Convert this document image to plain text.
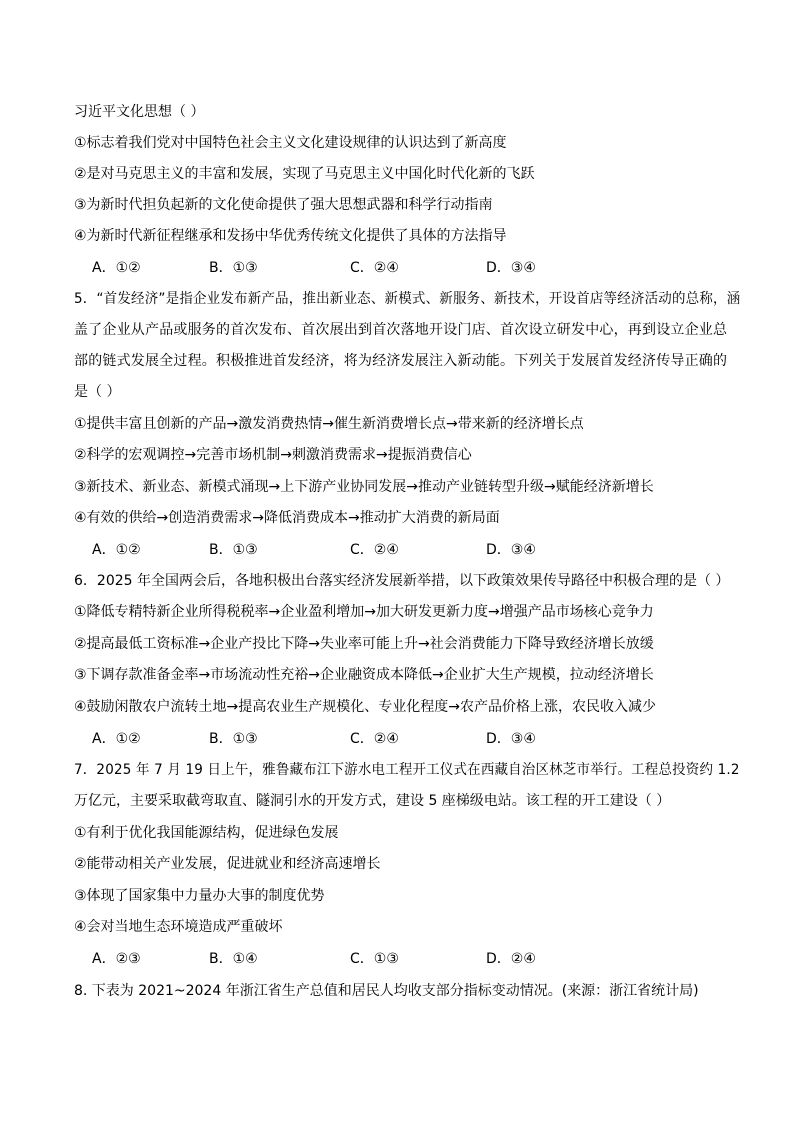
习近平文化思想（ ）
①标志着我们党对中国特色社会主义文化建设规律的认识达到了新高度
②是对马克思主义的丰富和发展，实现了马克思主义中国化时代化新的飞跃
③为新时代担负起新的文化使命提供了强大思想武器和科学行动指南
④为新时代新征程继承和发扬中华优秀传统文化提供了具体的方法指导
A．①②	B．①③	C．②④	D．③④
5．“首发经济”是指企业发布新产品，推出新业态、新模式、新服务、新技术，开设首店等经济活动的总称，涵
盖了企业从产品或服务的首次发布、首次展出到首次落地开设门店、首次设立研发中心，再到设立企业总
部的链式发展全过程。积极推进首发经济，将为经济发展注入新动能。下列关于发展首发经济传导正确的
是（ ）
①提供丰富且创新的产品→激发消费热情→催生新消费增长点→带来新的经济增长点
②科学的宏观调控→完善市场机制→刺激消费需求→提振消费信心
③新技术、新业态、新模式涌现→上下游产业协同发展→推动产业链转型升级→赋能经济新增长
④有效的供给→创造消费需求→降低消费成本→推动扩大消费的新局面
A．①②	B．①③	C．②④	D．③④
6．2025 年全国两会后，各地积极出台落实经济发展新举措，以下政策效果传导路径中积极合理的是（ ）
①降低专精特新企业所得税税率→企业盈利增加→加大研发更新力度→增强产品市场核心竞争力
②提高最低工资标准→企业产投比下降→失业率可能上升→社会消费能力下降导致经济增长放缓
③下调存款准备金率→市场流动性充裕→企业融资成本降低→企业扩大生产规模，拉动经济增长
④鼓励闲散农户流转土地→提高农业生产规模化、专业化程度→农产品价格上涨，农民收入减少
A．①②	B．①③	C．②④	D．③④
7．2025 年 7 月 19 日上午，雅鲁藏布江下游水电工程开工仪式在西藏自治区林芝市举行。工程总投资约 1.2
万亿元，主要采取截弯取直、隧洞引水的开发方式，建设 5 座梯级电站。该工程的开工建设（ ）
①有利于优化我国能源结构，促进绿色发展
②能带动相关产业发展，促进就业和经济高速增长
③体现了国家集中力量办大事的制度优势
④会对当地生态环境造成严重破坏
A．②③	B．①④	C．①③	D．②④
8. 下表为 2021~2024 年浙江省生产总值和居民人均收支部分指标变动情况。(来源：浙江省统计局)
